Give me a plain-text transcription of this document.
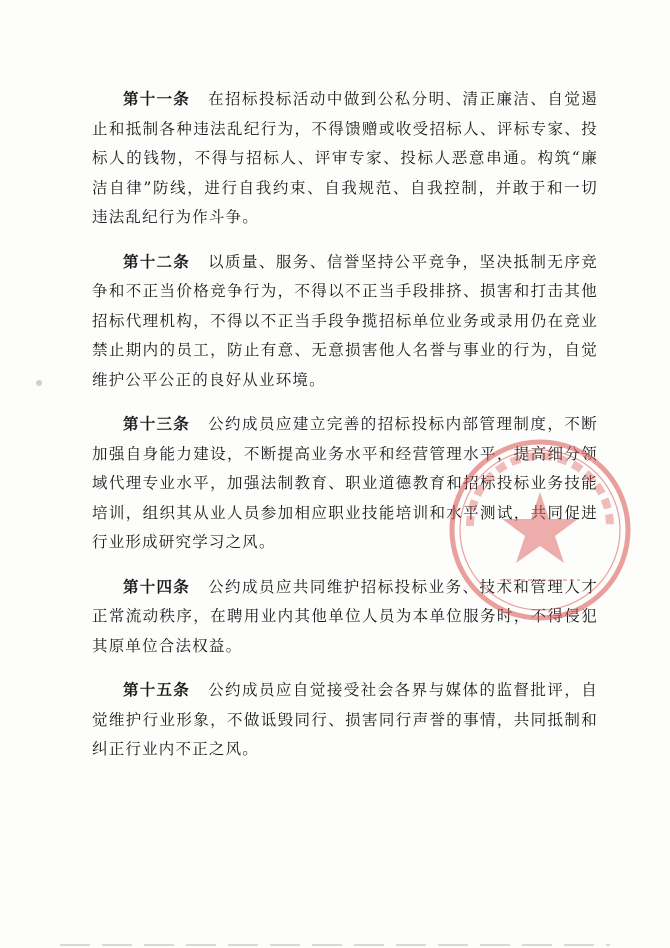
第十一条 在招标投标活动中做到公私分明、清正廉洁、自觉遏止和抵制各种违法乱纪行为，不得馈赠或收受招标人、评标专家、投标人的钱物，不得与招标人、评审专家、投标人恶意串通。构筑“廉洁自律”防线，进行自我约束、自我规范、自我控制，并敢于和一切违法乱纪行为作斗争。

第十二条 以质量、服务、信誉坚持公平竞争，坚决抵制无序竞争和不正当价格竞争行为，不得以不正当手段排挤、损害和打击其他招标代理机构，不得以不正当手段争揽招标单位业务或录用仍在竞业禁止期内的员工，防止有意、无意损害他人名誉与事业的行为，自觉维护公平公正的良好从业环境。

第十三条 公约成员应建立完善的招标投标内部管理制度，不断加强自身能力建设，不断提高业务水平和经营管理水平，提高细分领域代理专业水平，加强法制教育、职业道德教育和招标投标业务技能培训，组织其从业人员参加相应职业技能培训和水平测试，共同促进行业形成研究学习之风。

第十四条 公约成员应共同维护招标投标业务、技术和管理人才正常流动秩序，在聘用业内其他单位人员为本单位服务时，不得侵犯其原单位合法权益。

第十五条 公约成员应自觉接受社会各界与媒体的监督批评，自觉维护行业形象，不做诋毁同行、损害同行声誉的事情，共同抵制和纠正行业内不正之风。
